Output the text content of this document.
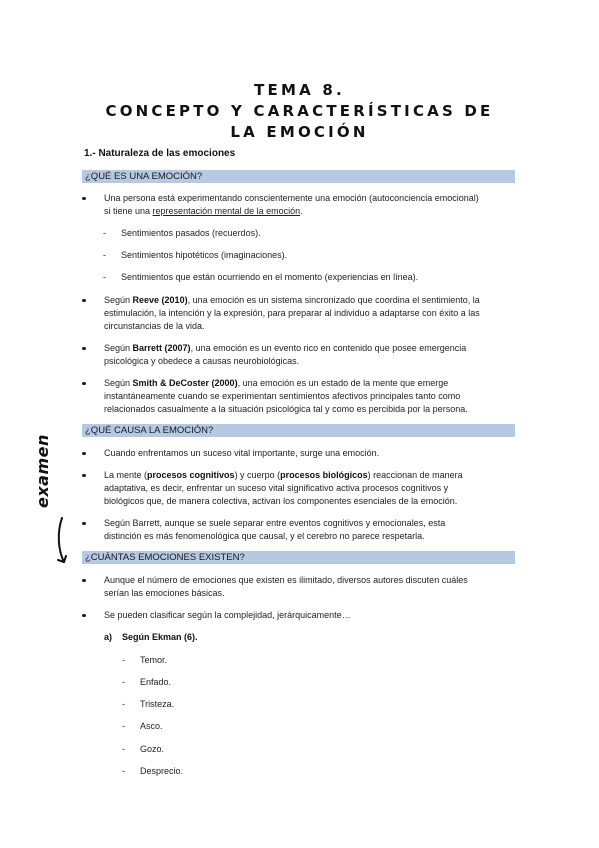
TEMA 8.
CONCEPTO Y CARACTERÍSTICAS DE
LA EMOCIÓN
1.- Naturaleza de las emociones
¿QUÉ ES UNA EMOCIÓN?
Una persona está experimentando conscientemente una emoción (autoconciencia emocional)
si tiene una representación mental de la emoción.
- Sentimientos pasados (recuerdos).
- Sentimientos hipotéticos (imaginaciones).
- Sentimientos que están ocurriendo en el momento (experiencias en línea).
Según Reeve (2010), una emoción es un sistema sincronizado que coordina el sentimiento, la
estimulación, la intención y la expresión, para preparar al individuo a adaptarse con éxito a las
circunstancias de la vida.
Según Barrett (2007), una emoción es un evento rico en contenido que posee emergencia
psicológica y obedece a causas neurobiológicas.
Según Smith & DeCoster (2000), una emoción es un estado de la mente que emerge
instantáneamente cuando se experimentan sentimientos afectivos principales tanto como
relacionados casualmente a la situación psicológica tal y como es percibida por la persona.
¿QUÉ CAUSA LA EMOCIÓN?
Cuando enfrentamos un suceso vital importante, surge una emoción.
La mente (procesos cognitivos) y cuerpo (procesos biológicos) reaccionan de manera
adaptativa, es decir, enfrentar un suceso vital significativo activa procesos cognitivos y
biológicos que, de manera colectiva, activan los componentes esenciales de la emoción.
Según Barrett, aunque se suele separar entre eventos cognitivos y emocionales, esta
distinción es más fenomenológica que causal, y el cerebro no parece respetarla.
examen
¿CUÁNTAS EMOCIONES EXISTEN?
Aunque el número de emociones que existen es ilimitado, diversos autores discuten cuáles
serían las emociones básicas.
Se pueden clasificar según la complejidad, jerárquicamente…
a) Según Ekman (6).
- Temor.
- Enfado.
- Tristeza.
- Asco.
- Gozo.
- Desprecio.
